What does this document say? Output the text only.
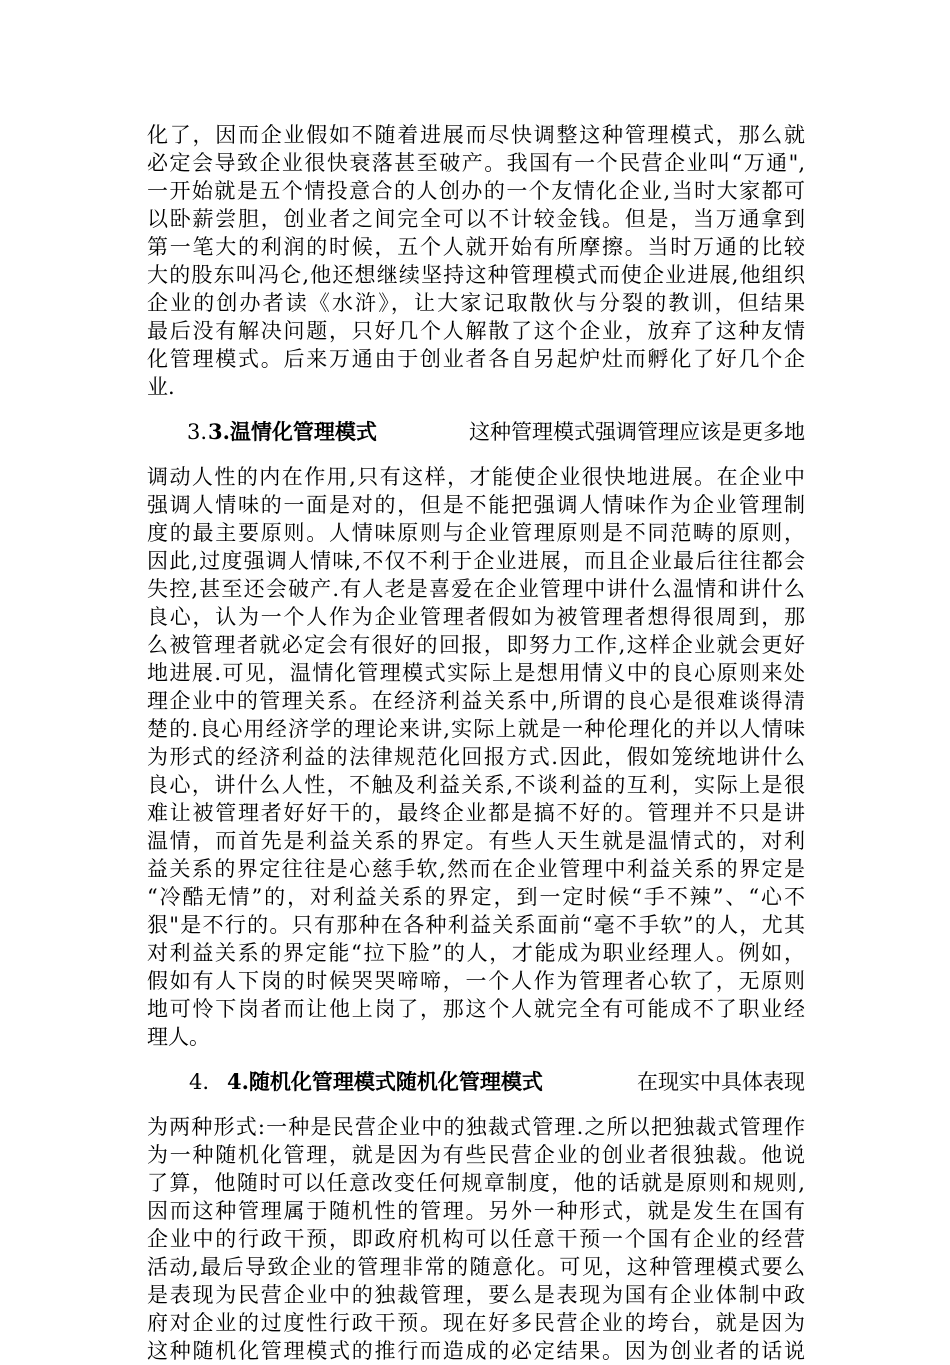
化了，因而企业假如不随着进展而尽快调整这种管理模式，那么就
必定会导致企业很快衰落甚至破产。我国有一个民营企业叫“万通",
一开始就是五个情投意合的人创办的一个友情化企业,当时大家都可
以卧薪尝胆，创业者之间完全可以不计较金钱。但是，当万通拿到
第一笔大的利润的时候，五个人就开始有所摩擦。当时万通的比较
大的股东叫冯仑,他还想继续坚持这种管理模式而使企业进展,他组织
企业的创办者读《水浒》，让大家记取散伙与分裂的教训，但结果
最后没有解决问题，只好几个人解散了这个企业，放弃了这种友情
化管理模式。后来万通由于创业者各自另起炉灶而孵化了好几个企
业.
3. 3.温情化管理模式	这种管理模式强调管理应该是更多地
调动人性的内在作用,只有这样，才能使企业很快地进展。在企业中
强调人情味的一面是对的，但是不能把强调人情味作为企业管理制
度的最主要原则。人情味原则与企业管理原则是不同范畴的原则，
因此,过度强调人情味,不仅不利于企业进展，而且企业最后往往都会
失控,甚至还会破产.有人老是喜爱在企业管理中讲什么温情和讲什么
良心，认为一个人作为企业管理者假如为被管理者想得很周到，那
么被管理者就必定会有很好的回报，即努力工作,这样企业就会更好
地进展.可见，温情化管理模式实际上是想用情义中的良心原则来处
理企业中的管理关系。在经济利益关系中,所谓的良心是很难谈得清
楚的.良心用经济学的理论来讲,实际上就是一种伦理化的并以人情味
为形式的经济利益的法律规范化回报方式.因此，假如笼统地讲什么
良心，讲什么人性，不触及利益关系,不谈利益的互利，实际上是很
难让被管理者好好干的，最终企业都是搞不好的。管理并不只是讲
温情，而首先是利益关系的界定。有些人天生就是温情式的，对利
益关系的界定往往是心慈手软,然而在企业管理中利益关系的界定是
“冷酷无情”的，对利益关系的界定，到一定时候“手不辣”、“心不
狠"是不行的。只有那种在各种利益关系面前“毫不手软”的人，尤其
对利益关系的界定能“拉下脸”的人，才能成为职业经理人。例如，
假如有人下岗的时候哭哭啼啼，一个人作为管理者心软了，无原则
地可怜下岗者而让他上岗了，那这个人就完全有可能成不了职业经
理人。
4. 4.随机化管理模式随机化管理模式	在现实中具体表现
为两种形式:一种是民营企业中的独裁式管理.之所以把独裁式管理作
为一种随机化管理，就是因为有些民营企业的创业者很独裁。他说
了算，他随时可以任意改变任何规章制度，他的话就是原则和规则,
因而这种管理属于随机性的管理。另外一种形式，就是发生在国有
企业中的行政干预，即政府机构可以任意干预一个国有企业的经营
活动,最后导致企业的管理非常的随意化。可见，这种管理模式要么
是表现为民营企业中的独裁管理，要么是表现为国有企业体制中政
府对企业的过度性行政干预。现在好多民营企业的垮台，就是因为
这种随机化管理模式的推行而造成的必定结果。因为创业者的话说
